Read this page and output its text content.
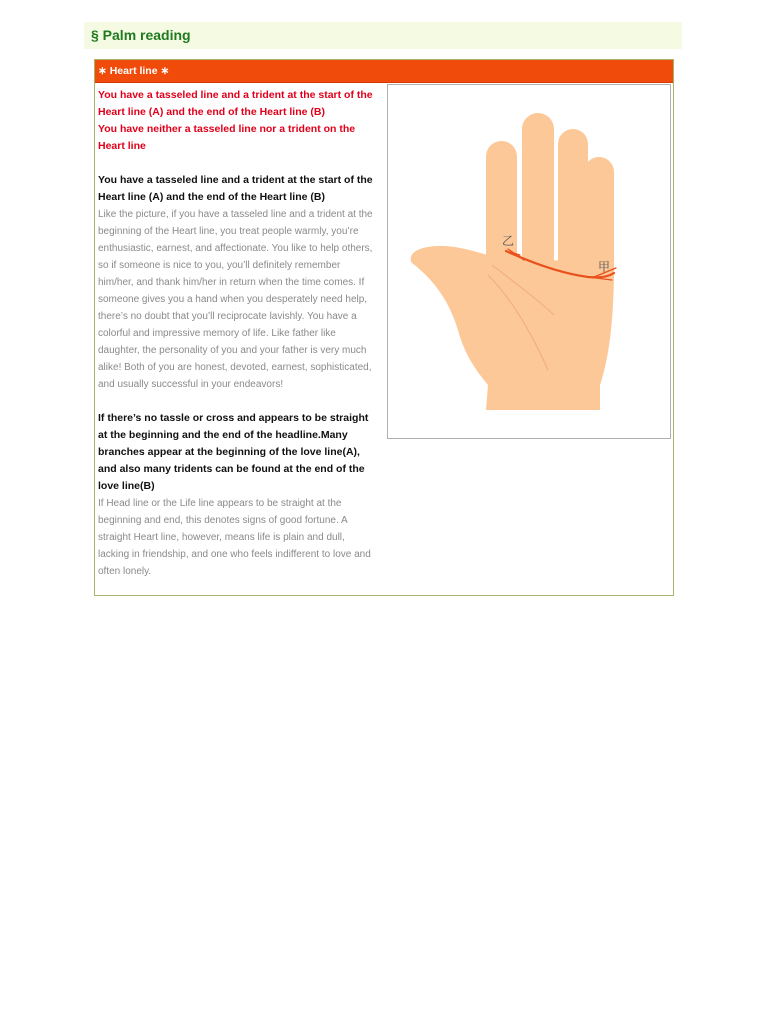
§ Palm reading
∗ Heart line ∗

You have a tasseled line and a trident at the start of the Heart line (A) and the end of the Heart line (B)

You have neither a tasseled line nor a trident on the Heart line

You have a tasseled line and a trident at the start of the Heart line (A) and the end of the Heart line (B)

Like the picture, if you have a tasseled line and a trident at the beginning of the Heart line, you treat people warmly, you’re enthusiastic, earnest, and affectionate. You like to help others, so if someone is nice to you, you’ll definitely remember him/her, and thank him/her in return when the time comes. If someone gives you a hand when you desperately need help, there’s no doubt that you’ll reciprocate lavishly. You have a colorful and impressive memory of life. Like father like daughter, the personality of you and your father is very much alike! Both of you are honest, devoted, earnest, sophisticated, and usually successful in your endeavors!

If there’s no tassle or cross and appears to be straight at the beginning and the end of the headline.Many branches appear at the beginning of the love line(A), and also many tridents can be found at the end of the love line(B)

If Head line or the Life line appears to be straight at the beginning and end, this denotes signs of good fortune. A straight Heart line, however, means life is plain and dull, lacking in friendship, and one who feels indifferent to love and often lonely.

乙
甲
